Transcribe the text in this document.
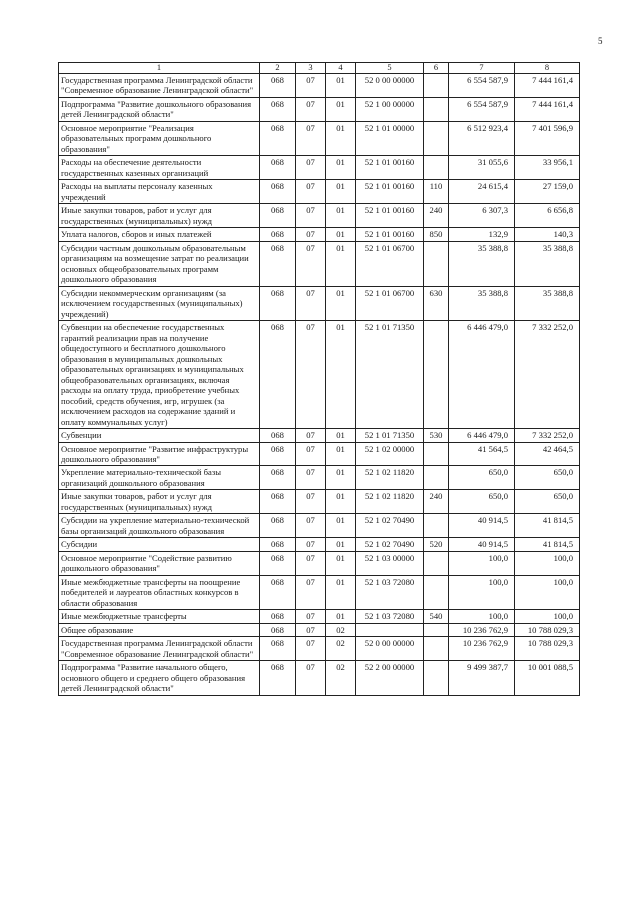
5
1	2	3	4	5	6	7	8
Государственная программа Ленинградской области "Современное образование Ленинградской области"	068	07	01	52 0 00 00000		6 554 587,9	7 444 161,4
Подпрограмма "Развитие дошкольного образования детей Ленинградской области"	068	07	01	52 1 00 00000		6 554 587,9	7 444 161,4
Основное мероприятие "Реализация образовательных программ дошкольного образования"	068	07	01	52 1 01 00000		6 512 923,4	7 401 596,9
Расходы на обеспечение деятельности государственных казенных организаций	068	07	01	52 1 01 00160		31 055,6	33 956,1
Расходы на выплаты персоналу казенных учреждений	068	07	01	52 1 01 00160	110	24 615,4	27 159,0
Иные закупки товаров, работ и услуг для государственных (муниципальных) нужд	068	07	01	52 1 01 00160	240	6 307,3	6 656,8
Уплата налогов, сборов и иных платежей	068	07	01	52 1 01 00160	850	132,9	140,3
Субсидии частным дошкольным образовательным организациям на возмещение затрат по реализации основных общеобразовательных программ дошкольного образования	068	07	01	52 1 01 06700		35 388,8	35 388,8
Субсидии некоммерческим организациям (за исключением государственных (муниципальных) учреждений)	068	07	01	52 1 01 06700	630	35 388,8	35 388,8
Субвенции на обеспечение государственных гарантий реализации прав на получение общедоступного и бесплатного дошкольного образования в муниципальных дошкольных образовательных организациях и муниципальных общеобразовательных организациях, включая расходы на оплату труда, приобретение учебных пособий, средств обучения, игр, игрушек (за исключением расходов на содержание зданий и оплату коммунальных услуг)	068	07	01	52 1 01 71350		6 446 479,0	7 332 252,0
Субвенции	068	07	01	52 1 01 71350	530	6 446 479,0	7 332 252,0
Основное мероприятие "Развитие инфраструктуры дошкольного образования"	068	07	01	52 1 02 00000		41 564,5	42 464,5
Укрепление материально-технической базы организаций дошкольного образования	068	07	01	52 1 02 11820		650,0	650,0
Иные закупки товаров, работ и услуг для государственных (муниципальных) нужд	068	07	01	52 1 02 11820	240	650,0	650,0
Субсидии на укрепление материально-технической базы организаций дошкольного образования	068	07	01	52 1 02 70490		40 914,5	41 814,5
Субсидии	068	07	01	52 1 02 70490	520	40 914,5	41 814,5
Основное мероприятие "Содействие развитию дошкольного образования"	068	07	01	52 1 03 00000		100,0	100,0
Иные межбюджетные трансферты на поощрение победителей и лауреатов областных конкурсов в области образования	068	07	01	52 1 03 72080		100,0	100,0
Иные межбюджетные трансферты	068	07	01	52 1 03 72080	540	100,0	100,0
Общее образование	068	07	02			10 236 762,9	10 788 029,3
Государственная программа Ленинградской области "Современное образование Ленинградской области"	068	07	02	52 0 00 00000		10 236 762,9	10 788 029,3
Подпрограмма "Развитие начального общего, основного общего и среднего общего образования детей Ленинградской области"	068	07	02	52 2 00 00000		9 499 387,7	10 001 088,5
